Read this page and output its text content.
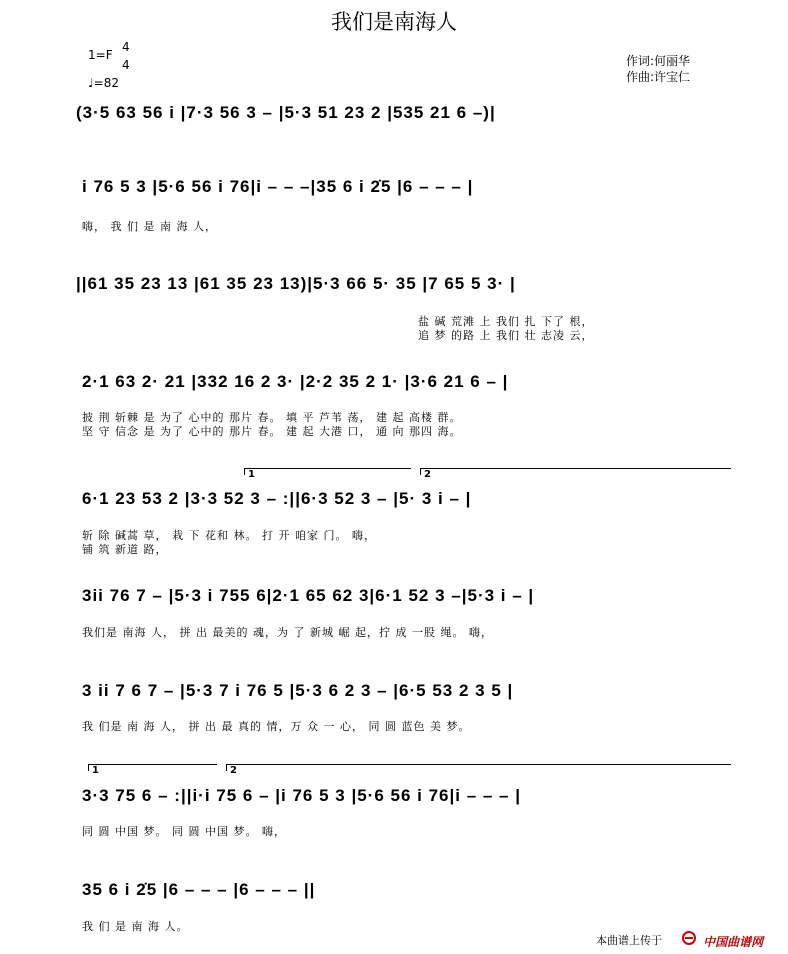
我们是南海人
1=F
4
4
♩=82
作词:何丽华
作曲:许宝仁
(3·5 63 56 i |7·3 56 3 – |5·3 51 23 2 |535 21 6 –)|
i 76 5 3 |5·6 56 i 76|i – – –|35 6 i 2̇5 |6 – – – |
嗨， 我 们 是 南 海 人，
||61 35 23 13 |61 35 23 13)|5·3 66 5· 35 |7 65 5 3· |
盐 碱 荒滩 上 我们 扎 下了 根，
追 梦 的路 上 我们 壮 志凌 云，
2·1 63 2· 21 |332 16 2 3· |2·2 35 2 1· |3·6 21 6 – |
披 荆 斩棘 是 为了 心中的 那片 春。 填 平 芦苇 荡， 建 起 高楼 群。
坚 守 信念 是 为了 心中的 那片 春。 建 起 大港 口， 通 向 那四 海。
1	2
6·1 23 53 2 |3·3 52 3 – :||6·3 52 3 – |5· 3 i – |
斩 除 碱蒿 草， 栽 下 花和 林。 打 开 咱家 门。 嗨，
铺 筑 新道 路，
3ii 76 7 – |5·3 i 755 6|2·1 65 62 3|6·1 52 3 –|5·3 i – |
我们是 南海 人， 拼 出 最美的 魂，为 了 新城 崛 起，拧 成 一股 绳。 嗨，
3 ii 7 6 7 – |5·3 7 i 76 5 |5·3 6 2 3 – |6·5 53 2 3 5 |
我 们是 南 海 人， 拼 出 最 真的 情，万 众 一 心， 同 圆 蓝色 美 梦。
1	2
3·3 75 6 – :||i·i 75 6 – |i 76 5 3 |5·6 56 i 76|i – – – |
同 圆 中国 梦。 同 圆 中国 梦。 嗨，
35 6 i 2̇5 |6 – – – |6 – – – ||
我 们 是 南 海 人。
本曲谱上传于	中国曲谱网
